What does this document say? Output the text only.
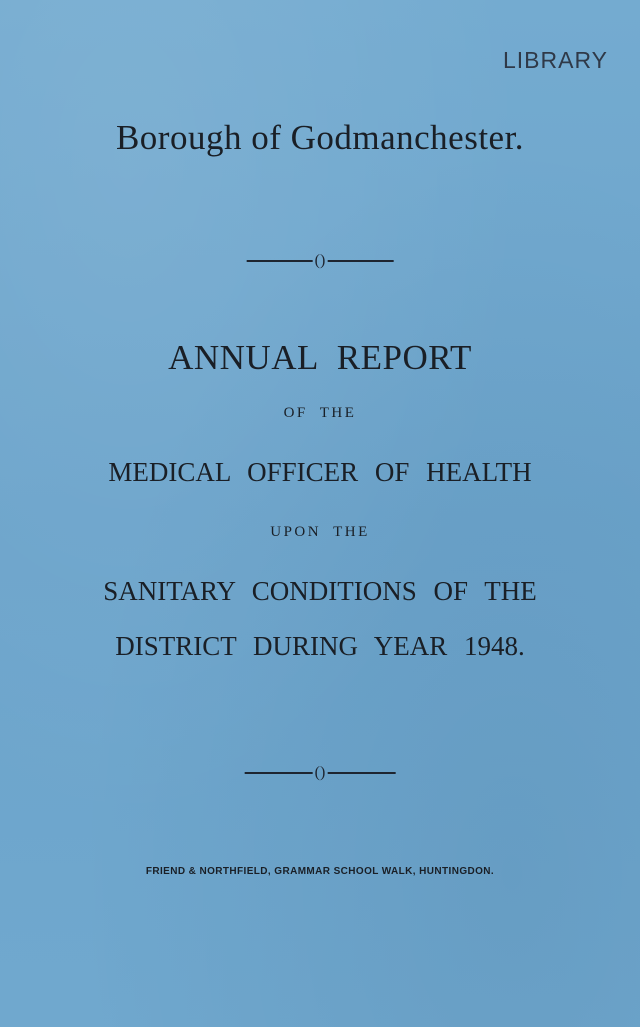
LIBRARY
Borough of Godmanchester.
()
ANNUAL REPORT
OF THE
MEDICAL OFFICER OF HEALTH
UPON THE
SANITARY CONDITIONS OF THE
DISTRICT DURING YEAR 1948.
()
FRIEND & NORTHFIELD, GRAMMAR SCHOOL WALK, HUNTINGDON.
